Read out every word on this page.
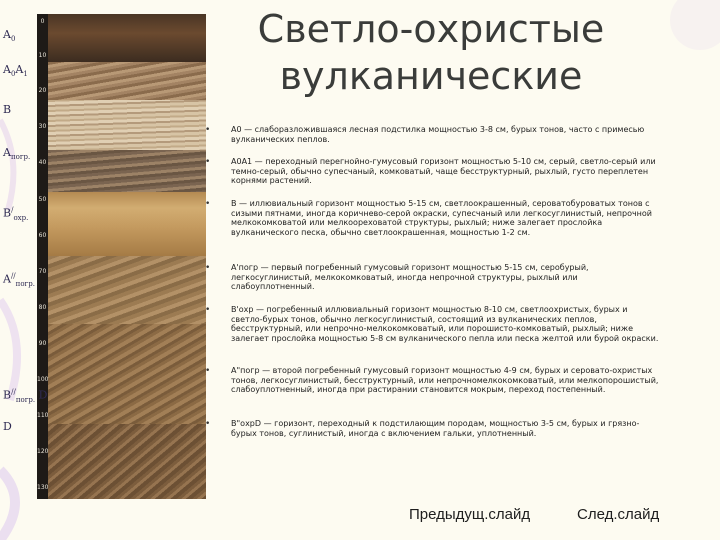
0
10
20
30
40
50
60
70
80
90
100
110
120
130
$A_0$
$A_0A_1$
B
$A_{погр.}$
$B^/_{охр.}$
$A^{//}_{погр.}$
$B^{//}_{погр.}$ D
D
Светло-охристые вулканические
•	A0 — слаборазложившаяся лесная подстилка мощностью 3-8 см, бурых тонов, часто с примесью вулканических пеплов.
•	A0A1 — переходный перегнойно-гумусовый горизонт мощностью 5-10 см, серый, светло-серый или темно-серый, обычно супесчаный, комковатый, чаще бесструктурный, рыхлый, густо переплетен корнями растений.
•	B — иллювиальный горизонт мощностью 5-15 см, светлоокрашенный, сероватобуроватых тонов с сизыми пятнами, иногда коричнево-серой окраски, супесчаный или легкосуглинистый, непрочной мелкокомковатой или мелкоореховатой структуры, рыхлый; ниже залегает прослойка вулканического песка, обычно светлоокрашенная, мощностью 1-2 см.
•	A'погр — первый погребенный гумусовый горизонт мощностью 5-15 см, серобурый, легкосуглинистый, мелкокомковатый, иногда непрочной структуры, рыхлый или слабоуплотненный.
•	B'охр — погребенный иллювиальный горизонт мощностью 8-10 см, светлоохристых, бурых и светло-бурых тонов, обычно легкосуглинистый, состоящий из вулканических пеплов, бесструктурный, или непрочно-мелкокомковатый, или порошисто-комковатый, рыхлый; ниже залегает прослойка мощностью 5-8 см вулканического пепла или песка желтой или бурой окраски.
•	A"погр — второй погребенный гумусовый горизонт мощностью 4-9 см, бурых и серовато-охристых тонов, легкосуглинистый, бесструктурный, или непрочномелкокомковатый, или мелкопорошистый, слабоуплотненный, иногда при растирании становится мокрым, переход постепенный.
•	B"охрD — горизонт, переходный к подстилающим породам, мощностью 3-5 см, бурых и грязно-бурых тонов, суглинистый, иногда с включением гальки, уплотненный.
Предыдущ.слайд	След.слайд
